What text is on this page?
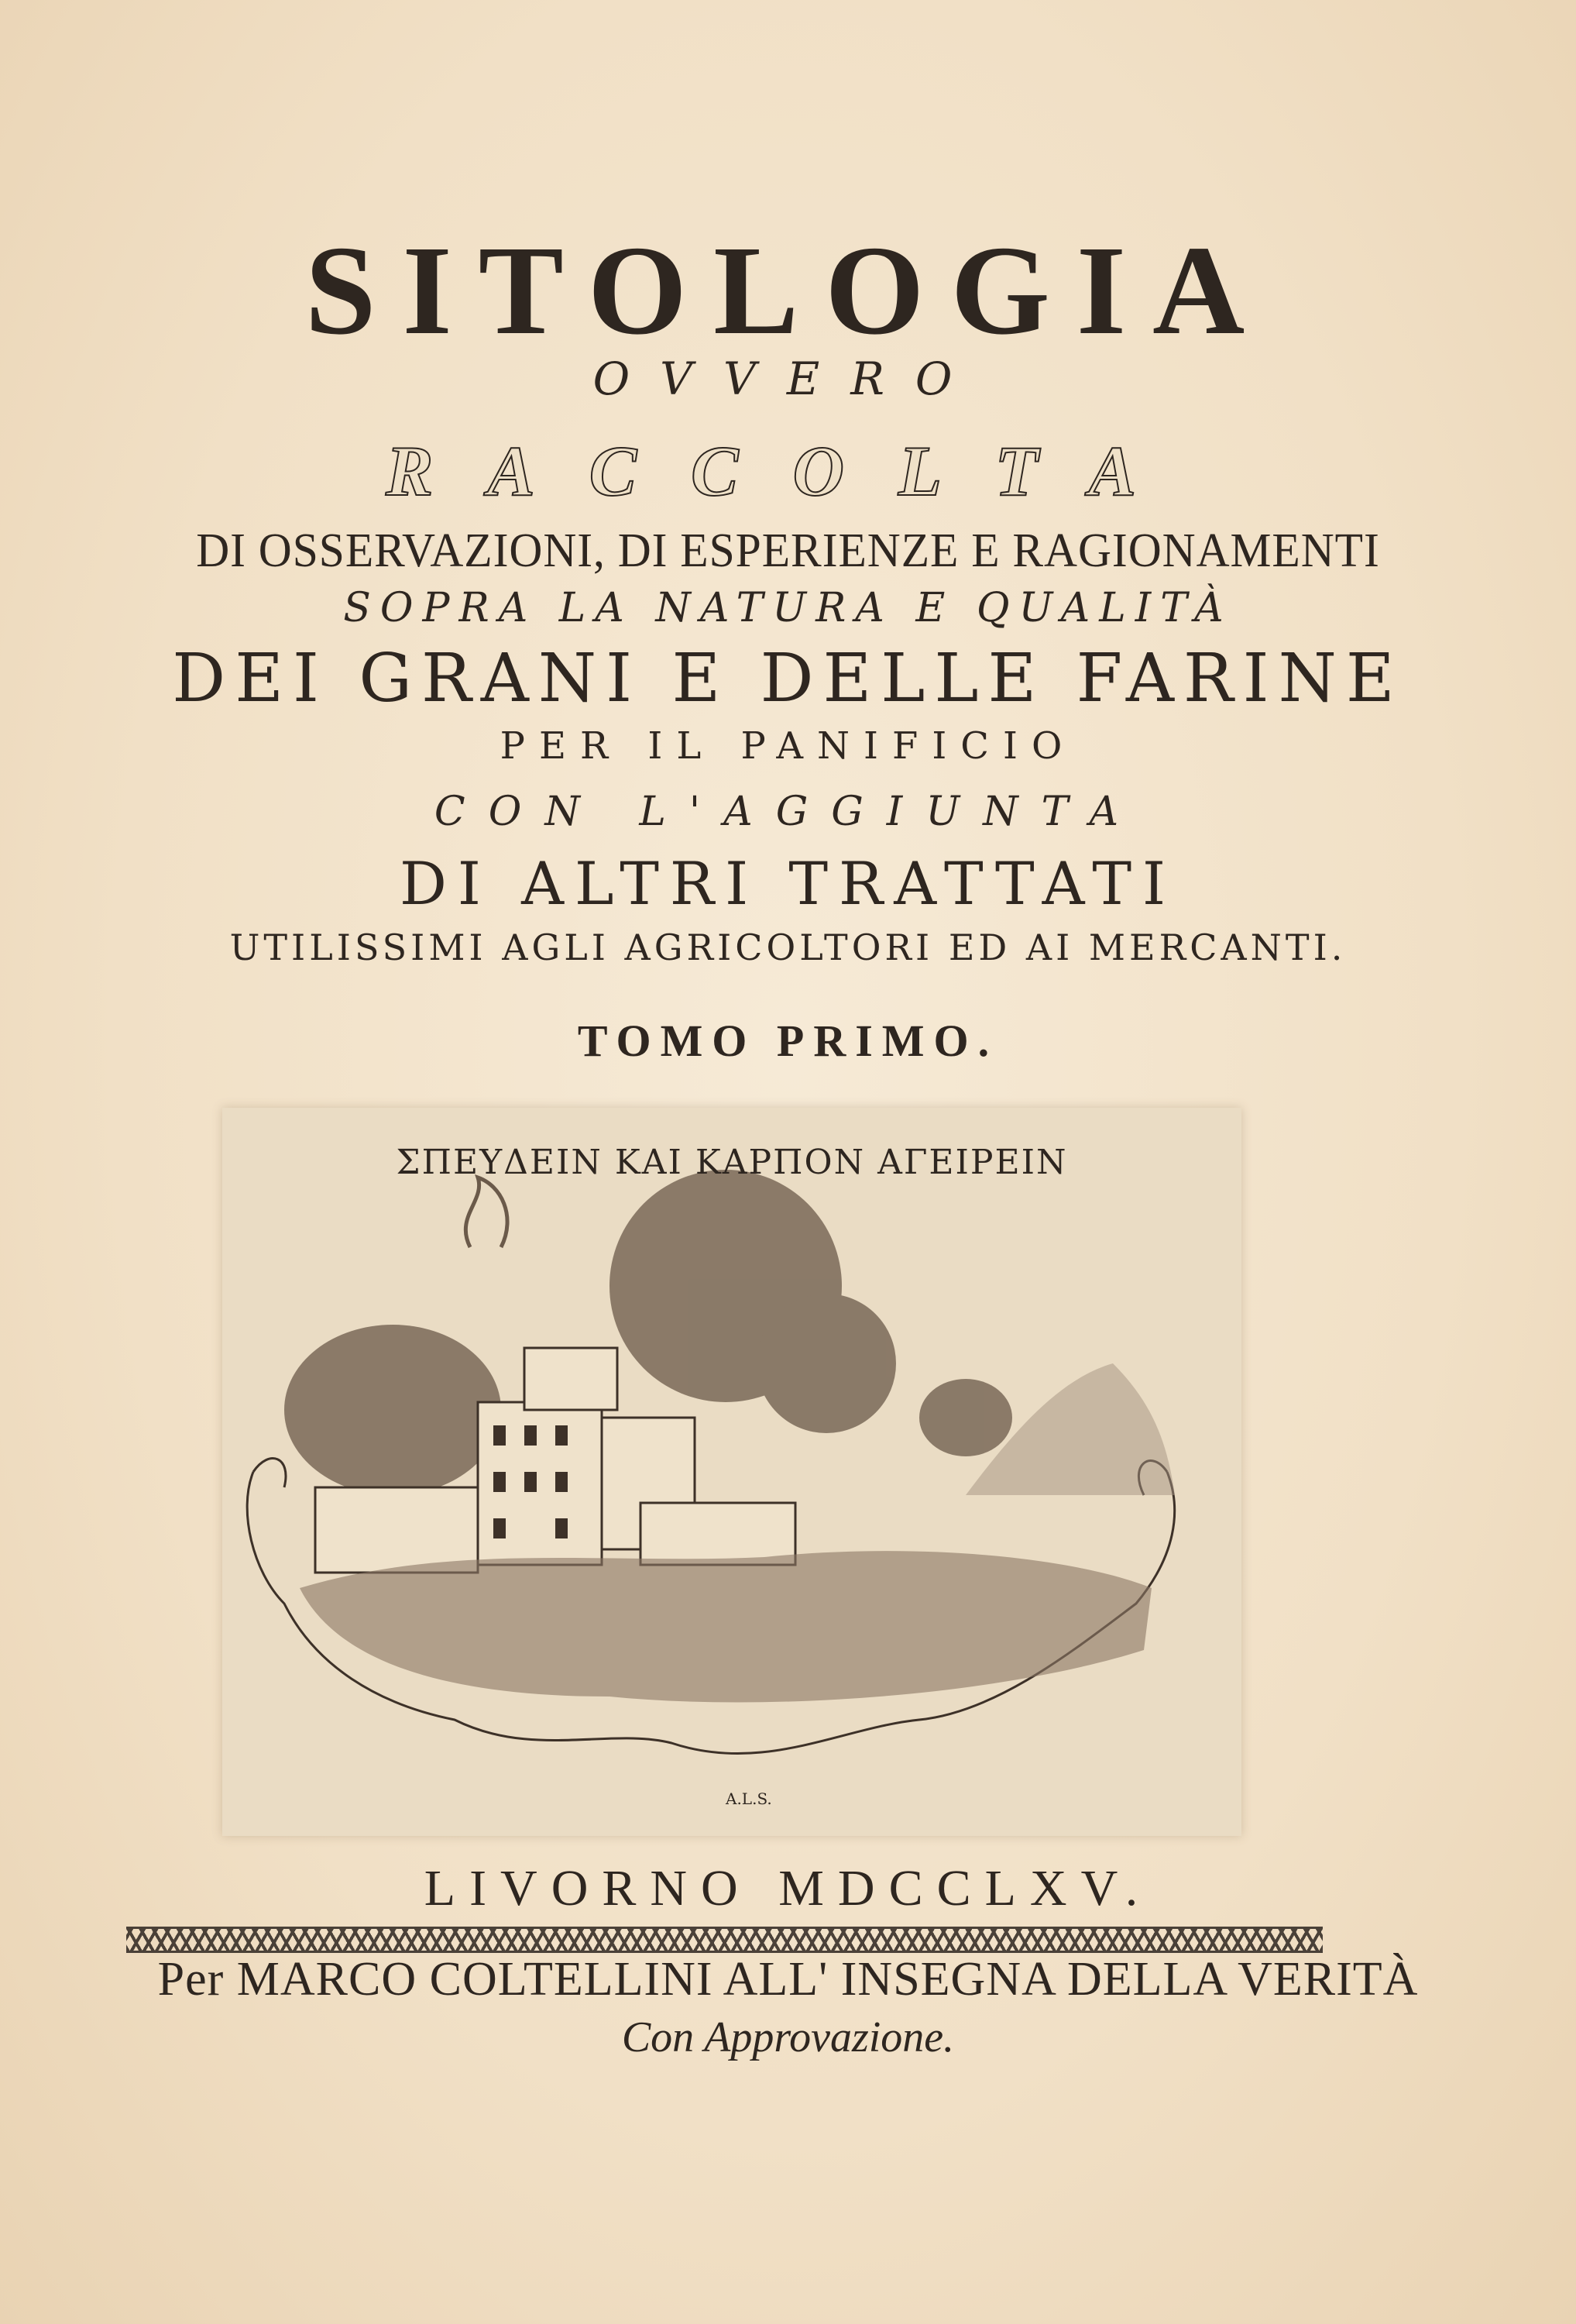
SITOLOGIA
OVVERO
RACCOLTA
DI OSSERVAZIONI, DI ESPERIENZE E RAGIONAMENTI
SOPRA LA NATURA E QUALITÀ
DEI GRANI E DELLE FARINE
PER IL PANIFICIO
CON L'AGGIUNTA
DI ALTRI TRATTATI
UTILISSIMI AGLI AGRICOLTORI ED AI MERCANTI.
TOMO PRIMO.
ΣΠΕΥΔΕΙΝ ΚΑΙ ΚΑΡΠΟΝ ΑΓΕΙΡΕΙΝ
A.L.S.
LIVORNO MDCCLXV.
Per MARCO COLTELLINI ALL' INSEGNA DELLA VERITÀ
Con Approvazione.
